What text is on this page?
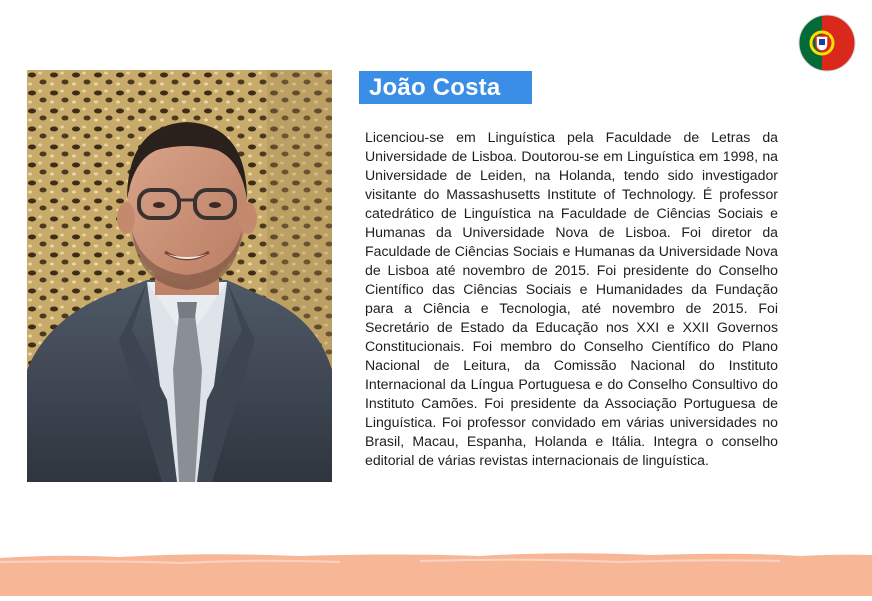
João Costa

Licenciou-se em Linguística pela Faculdade de Letras da Universidade de Lisboa. Doutorou-se em Linguística em 1998, na Universidade de Leiden, na Holanda, tendo sido investigador visitante do Massashusetts Institute of Technology. É professor catedrático de Linguística na Faculdade de Ciências Sociais e Humanas da Universidade Nova de Lisboa. Foi diretor da Faculdade de Ciências Sociais e Humanas da Universidade Nova de Lisboa até novembro de 2015. Foi presidente do Conselho Científico das Ciências Sociais e Humanidades da Fundação para a Ciência e Tecnologia, até novembro de 2015. Foi Secretário de Estado da Educação nos XXI e XXII Governos Constitucionais. Foi membro do Conselho Científico do Plano Nacional de Leitura, da Comissão Nacional do Instituto Internacional da Língua Portuguesa e do Conselho Consultivo do Instituto Camões. Foi presidente da Associação Portuguesa de Linguística. Foi professor convidado em várias universidades no Brasil, Macau, Espanha, Holanda e Itália. Integra o conselho editorial de várias revistas internacionais de linguística.
